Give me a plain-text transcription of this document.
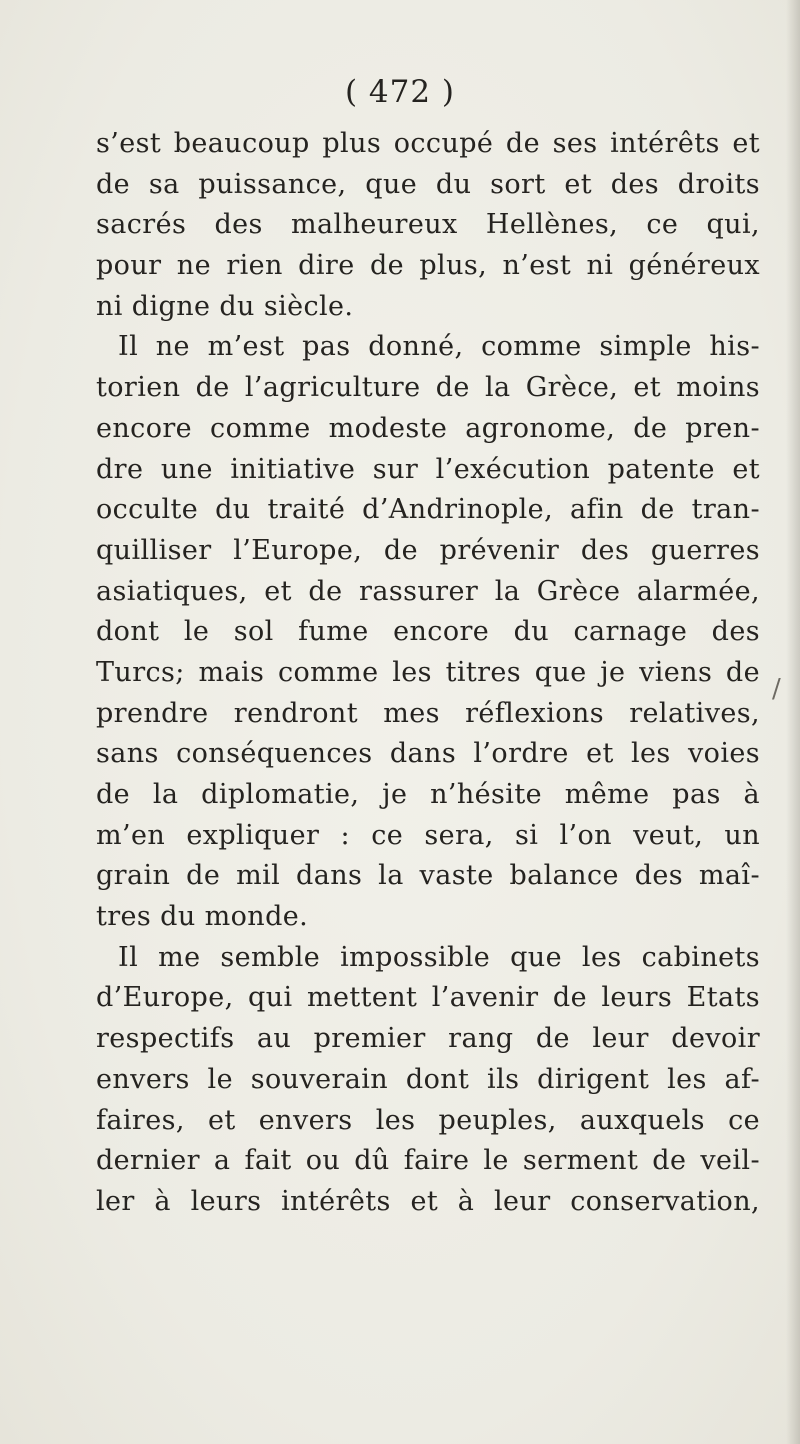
( 472 )
s’est beaucoup plus occupé de ses intérêts et
de sa puissance, que du sort et des droits
sacrés des malheureux Hellènes, ce qui,
pour ne rien dire de plus, n’est ni généreux
ni digne du siècle.
Il ne m’est pas donné, comme simple his-
torien de l’agriculture de la Grèce, et moins
encore comme modeste agronome, de pren-
dre une initiative sur l’exécution patente et
occulte du traité d’Andrinople, afin de tran-
quilliser l’Europe, de prévenir des guerres
asiatiques, et de rassurer la Grèce alarmée,
dont le sol fume encore du carnage des
Turcs; mais comme les titres que je viens de
prendre rendront mes réflexions relatives,
sans conséquences dans l’ordre et les voies
de la diplomatie, je n’hésite même pas à
m’en expliquer : ce sera, si l’on veut, un
grain de mil dans la vaste balance des maî-
tres du monde.
Il me semble impossible que les cabinets
d’Europe, qui mettent l’avenir de leurs Etats
respectifs au premier rang de leur devoir
envers le souverain dont ils dirigent les af-
faires, et envers les peuples, auxquels ce
dernier a fait ou dû faire le serment de veil-
ler à leurs intérêts et à leur conservation,
/
